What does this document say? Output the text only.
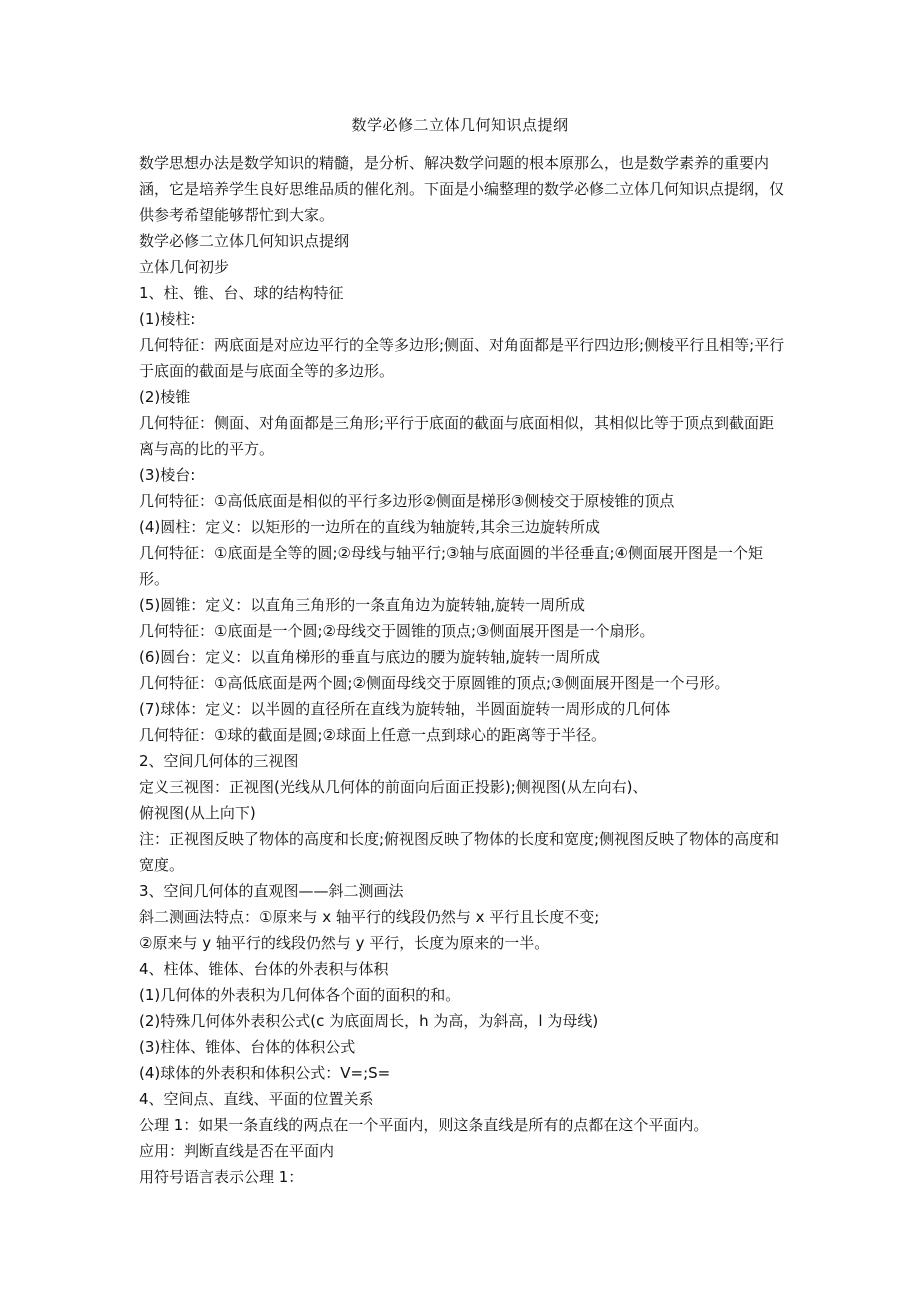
数学必修二立体几何知识点提纲

数学思想办法是数学知识的精髓，是分析、解决数学问题的根本原那么，也是数学素养的重要内涵，它是培养学生良好思维品质的催化剂。下面是小编整理的数学必修二立体几何知识点提纲，仅供参考希望能够帮忙到大家。

数学必修二立体几何知识点提纲

立体几何初步

1、柱、锥、台、球的结构特征

(1)棱柱:

几何特征：两底面是对应边平行的全等多边形;侧面、对角面都是平行四边形;侧棱平行且相等;平行于底面的截面是与底面全等的多边形。

(2)棱锥

几何特征：侧面、对角面都是三角形;平行于底面的截面与底面相似，其相似比等于顶点到截面距离与高的比的平方。

(3)棱台:

几何特征：①高低底面是相似的平行多边形②侧面是梯形③侧棱交于原棱锥的顶点

(4)圆柱：定义：以矩形的一边所在的直线为轴旋转,其余三边旋转所成

几何特征：①底面是全等的圆;②母线与轴平行;③轴与底面圆的半径垂直;④侧面展开图是一个矩形。

(5)圆锥：定义：以直角三角形的一条直角边为旋转轴,旋转一周所成

几何特征：①底面是一个圆;②母线交于圆锥的顶点;③侧面展开图是一个扇形。

(6)圆台：定义：以直角梯形的垂直与底边的腰为旋转轴,旋转一周所成

几何特征：①高低底面是两个圆;②侧面母线交于原圆锥的顶点;③侧面展开图是一个弓形。

(7)球体：定义：以半圆的直径所在直线为旋转轴，半圆面旋转一周形成的几何体

几何特征：①球的截面是圆;②球面上任意一点到球心的距离等于半径。

2、空间几何体的三视图

定义三视图：正视图(光线从几何体的前面向后面正投影);侧视图(从左向右)、

俯视图(从上向下)

注：正视图反映了物体的高度和长度;俯视图反映了物体的长度和宽度;侧视图反映了物体的高度和宽度。

3、空间几何体的直观图——斜二测画法

斜二测画法特点：①原来与 x 轴平行的线段仍然与 x 平行且长度不变;

②原来与 y 轴平行的线段仍然与 y 平行，长度为原来的一半。

4、柱体、锥体、台体的外表积与体积

(1)几何体的外表积为几何体各个面的面积的和。

(2)特殊几何体外表积公式(c 为底面周长，h 为高，为斜高，l 为母线)

(3)柱体、锥体、台体的体积公式

(4)球体的外表积和体积公式：V=;S=

4、空间点、直线、平面的位置关系

公理 1：如果一条直线的两点在一个平面内，则这条直线是所有的点都在这个平面内。

应用：判断直线是否在平面内

用符号语言表示公理 1：
